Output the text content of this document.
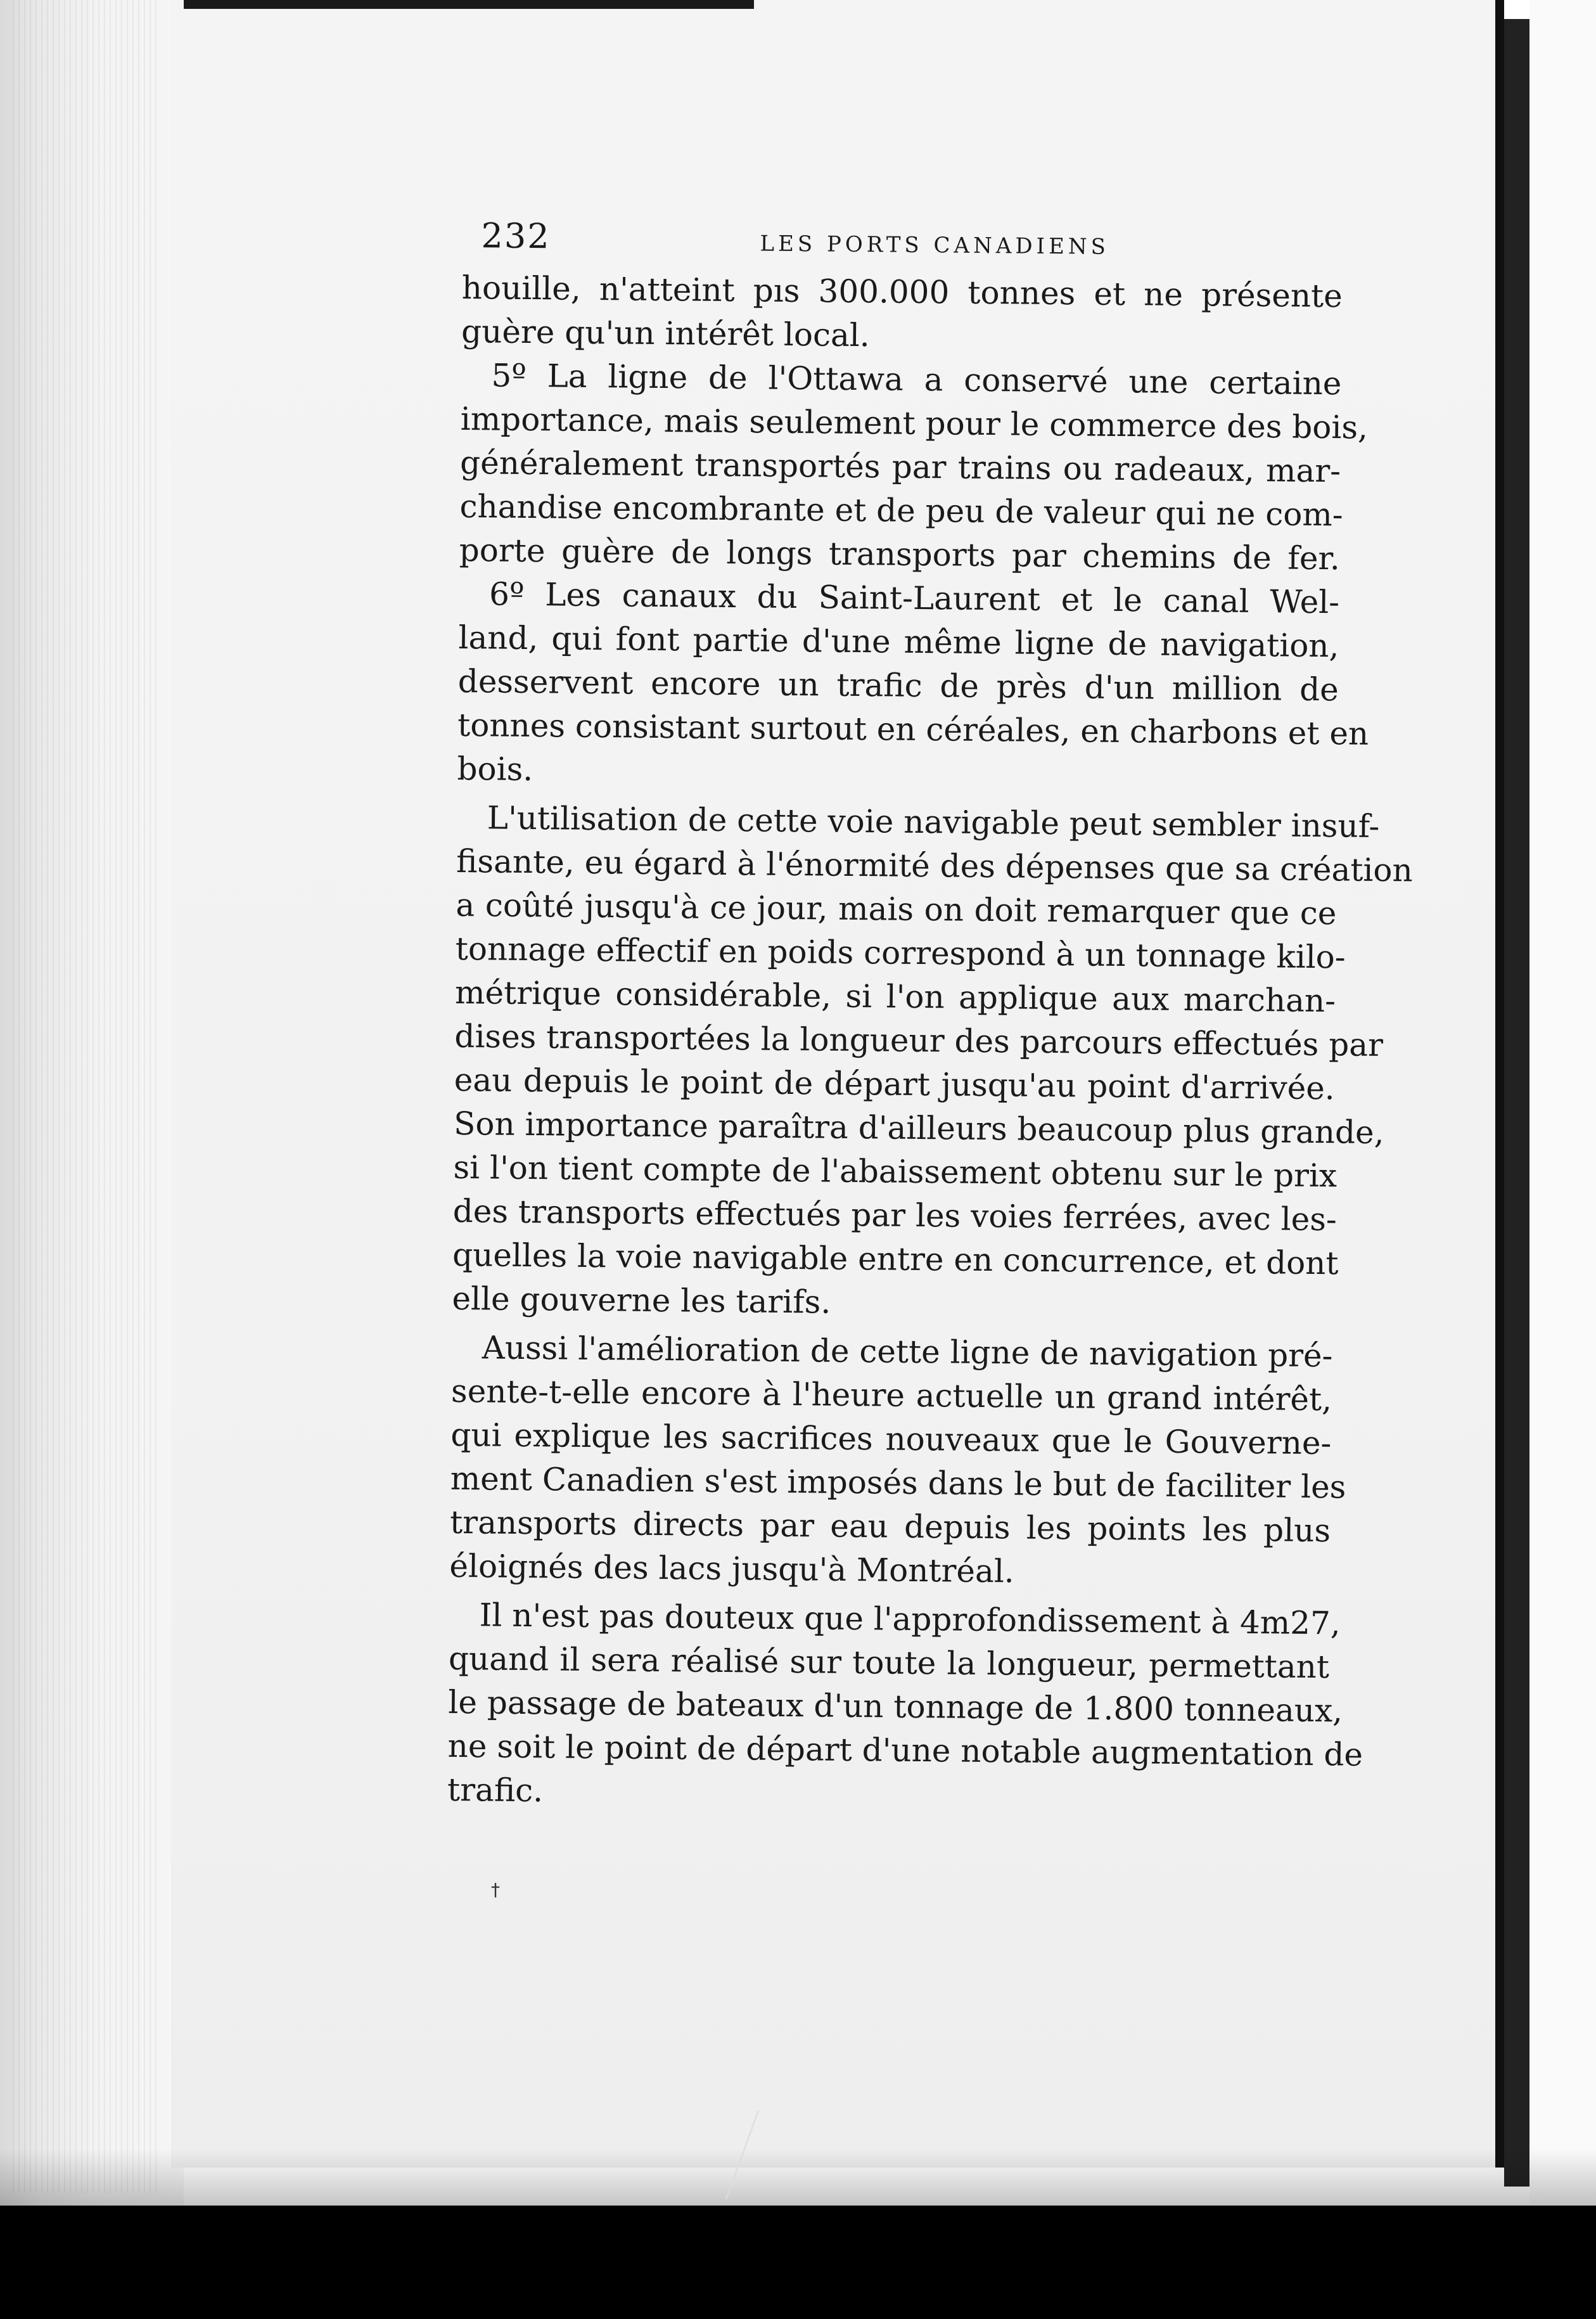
232	LES PORTS CANADIENS
houille, n'atteint pıs 300.000 tonnes et ne présente
guère qu'un intérêt local.
5º La ligne de l'Ottawa a conservé une certaine
importance, mais seulement pour le commerce des bois,
généralement transportés par trains ou radeaux, mar-
chandise encombrante et de peu de valeur qui ne com-
porte guère de longs transports par chemins de fer.
6º Les canaux du Saint-Laurent et le canal Wel-
land, qui font partie d'une même ligne de navigation,
desservent encore un trafic de près d'un million de
tonnes consistant surtout en céréales, en charbons et en
bois.
L'utilisation de cette voie navigable peut sembler insuf-
fisante, eu égard à l'énormité des dépenses que sa création
a coûté jusqu'à ce jour, mais on doit remarquer que ce
tonnage effectif en poids correspond à un tonnage kilo-
métrique considérable, si l'on applique aux marchan-
dises transportées la longueur des parcours effectués par
eau depuis le point de départ jusqu'au point d'arrivée.
Son importance paraîtra d'ailleurs beaucoup plus grande,
si l'on tient compte de l'abaissement obtenu sur le prix
des transports effectués par les voies ferrées, avec les-
quelles la voie navigable entre en concurrence, et dont
elle gouverne les tarifs.
Aussi l'amélioration de cette ligne de navigation pré-
sente-t-elle encore à l'heure actuelle un grand intérêt,
qui explique les sacrifices nouveaux que le Gouverne-
ment Canadien s'est imposés dans le but de faciliter les
transports directs par eau depuis les points les plus
éloignés des lacs jusqu'à Montréal.
Il n'est pas douteux que l'approfondissement à 4m27,
quand il sera réalisé sur toute la longueur, permettant
le passage de bateaux d'un tonnage de 1.800 tonneaux,
ne soit le point de départ d'une notable augmentation de
trafic.
†
